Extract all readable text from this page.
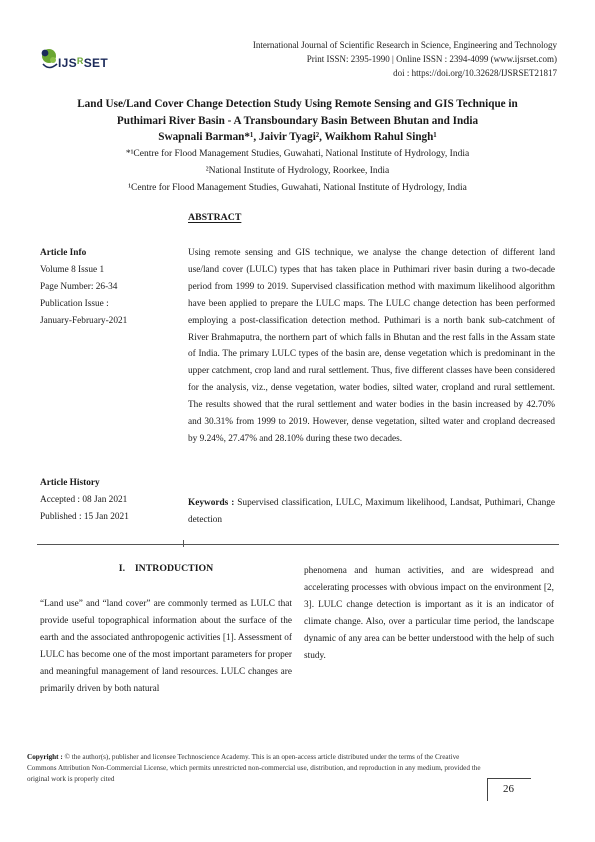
$IJS^RSET$
International Journal of Scientific Research in Science, Engineering and Technology
Print ISSN: 2395-1990 | Online ISSN : 2394-4099 (www.ijsrset.com)
doi : https://doi.org/10.32628/IJSRSET21817
Land Use/Land Cover Change Detection Study Using Remote Sensing and GIS Technique in
Puthimari River Basin - A Transboundary Basin Between Bhutan and India
Swapnali Barman*¹, Jaivir Tyagi², Waikhom Rahul Singh¹
*¹Centre for Flood Management Studies, Guwahati, National Institute of Hydrology, India
²National Institute of Hydrology, Roorkee, India
¹Centre for Flood Management Studies, Guwahati, National Institute of Hydrology, India
ABSTRACT
Article Info
Volume 8 Issue 1
Page Number: 26-34
Publication Issue :
January-February-2021
Article History
Accepted : 08 Jan 2021
Published : 15 Jan 2021
Using remote sensing and GIS technique, we analyse the change detection of different land use/land cover (LULC) types that has taken place in Puthimari river basin during a two-decade period from 1999 to 2019. Supervised classification method with maximum likelihood algorithm have been applied to prepare the LULC maps. The LULC change detection has been performed employing a post-classification detection method. Puthimari is a north bank sub-catchment of River Brahmaputra, the northern part of which falls in Bhutan and the rest falls in the Assam state of India. The primary LULC types of the basin are, dense vegetation which is predominant in the upper catchment, crop land and rural settlement. Thus, five different classes have been considered for the analysis, viz., dense vegetation, water bodies, silted water, cropland and rural settlement. The results showed that the rural settlement and water bodies in the basin increased by 42.70% and 30.31% from 1999 to 2019. However, dense vegetation, silted water and cropland decreased by 9.24%, 27.47% and 28.10% during these two decades.
Keywords : Supervised classification, LULC, Maximum likelihood, Landsat, Puthimari, Change detection
I.    INTRODUCTION
“Land use” and “land cover” are commonly termed as LULC that provide useful topographical information about the surface of the earth and the associated anthropogenic activities [1]. Assessment of LULC has become one of the most important parameters for proper and meaningful management of land resources. LULC changes are primarily driven by both natural
phenomena and human activities, and are widespread and accelerating processes with obvious impact on the environment [2, 3]. LULC change detection is important as it is an indicator of climate change. Also, over a particular time period, the landscape dynamic of any area can be better understood with the help of such study.
Copyright : © the author(s), publisher and licensee Technoscience Academy. This is an open-access article distributed under the terms of the Creative Commons Attribution Non-Commercial License, which permits unrestricted non-commercial use, distribution, and reproduction in any medium, provided the original work is properly cited
26
